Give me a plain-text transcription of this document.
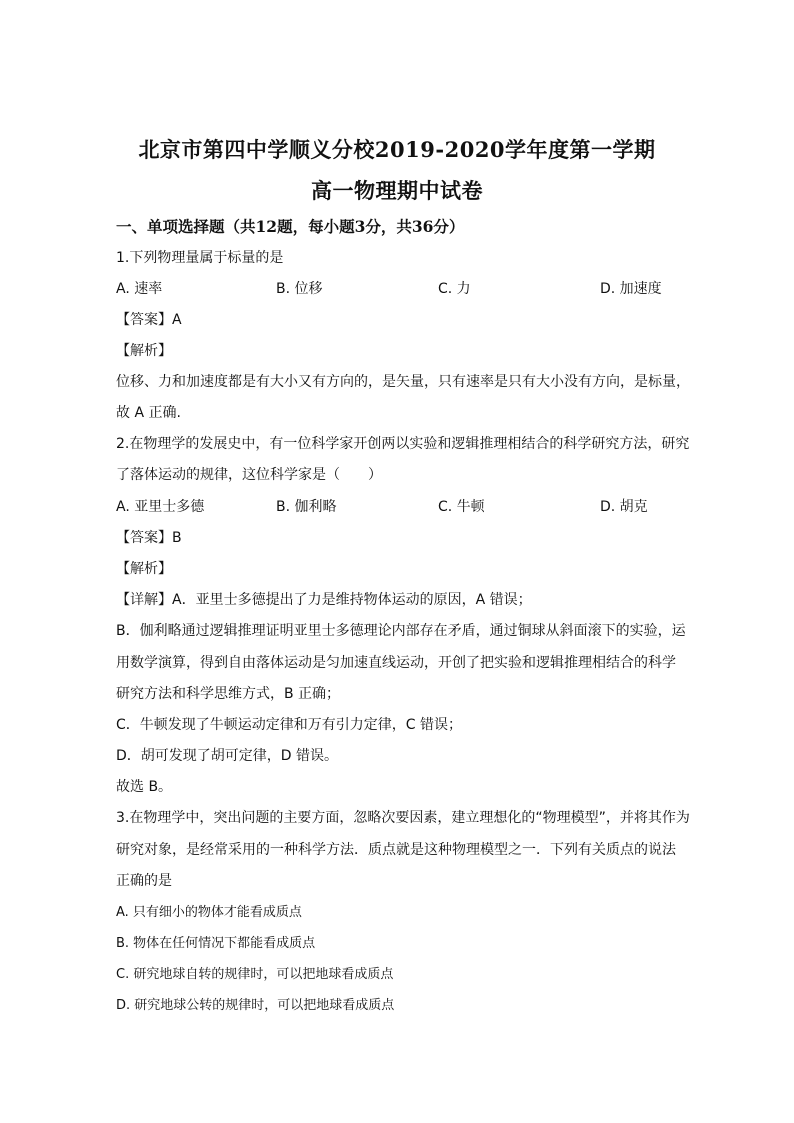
北京市第四中学顺义分校2019-2020学年度第一学期
高一物理期中试卷
一、单项选择题（共12题，每小题3分，共36分）
1.下列物理量属于标量的是
A. 速率	B. 位移	C. 力	D. 加速度
【答案】A
【解析】
位移、力和加速度都是有大小又有方向的，是矢量，只有速率是只有大小没有方向，是标量，
故 A 正确.
2.在物理学的发展史中，有一位科学家开创两以实验和逻辑推理相结合的科学研究方法，研究
了落体运动的规律，这位科学家是（　　）
A. 亚里士多德	B. 伽利略	C. 牛顿	D. 胡克
【答案】B
【解析】
【详解】A．亚里士多德提出了力是维持物体运动的原因，A 错误；
B．伽利略通过逻辑推理证明亚里士多德理论内部存在矛盾，通过铜球从斜面滚下的实验，运
用数学演算，得到自由落体运动是匀加速直线运动，开创了把实验和逻辑推理相结合的科学
研究方法和科学思维方式，B 正确；
C．牛顿发现了牛顿运动定律和万有引力定律，C 错误；
D．胡可发现了胡可定律，D 错误。
故选 B。
3.在物理学中，突出问题的主要方面，忽略次要因素，建立理想化的“物理模型”，并将其作为
研究对象，是经常采用的一种科学方法．质点就是这种物理模型之一．下列有关质点的说法
正确的是
A. 只有细小的物体才能看成质点
B. 物体在任何情况下都能看成质点
C. 研究地球自转的规律时，可以把地球看成质点
D. 研究地球公转的规律时，可以把地球看成质点
